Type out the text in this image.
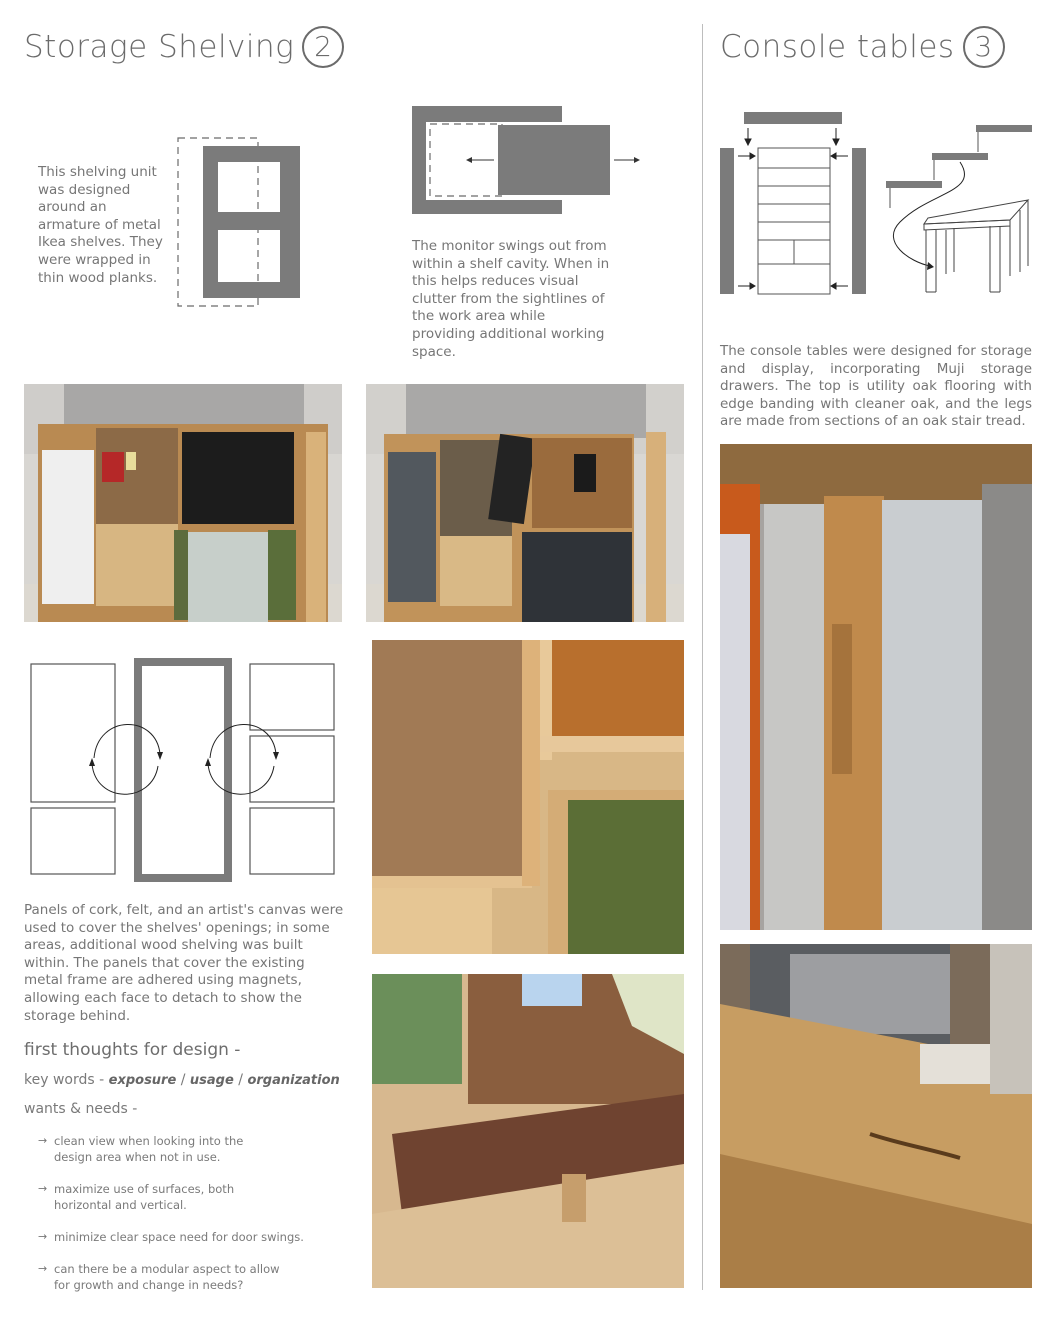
Storage Shelving 2

This shelving unit was designed around an armature of metal Ikea shelves. They were wrapped in thin wood planks.

The monitor swings out from within a shelf cavity. When in this helps reduces visual clutter from the sightlines of the work area while providing additional working space.

Panels of cork, felt, and an artist's canvas were used to cover the shelves' openings; in some areas, additional wood shelving was built within. The panels that cover the existing metal frame are adhered using magnets, allowing each face to detach to show the storage behind.

first thoughts for design -
key words - exposure / usage / organization
wants & needs -
→ clean view when looking into the design area when not in use.
→ maximize use of surfaces, both horizontal and vertical.
→ minimize clear space need for door swings.
→ can there be a modular aspect to allow for growth and change in needs?
Console tables 3

The console tables were designed for storage and display, incorporating Muji storage drawers. The top is utility oak flooring with edge banding with cleaner oak, and the legs are made from sections of an oak stair tread.
